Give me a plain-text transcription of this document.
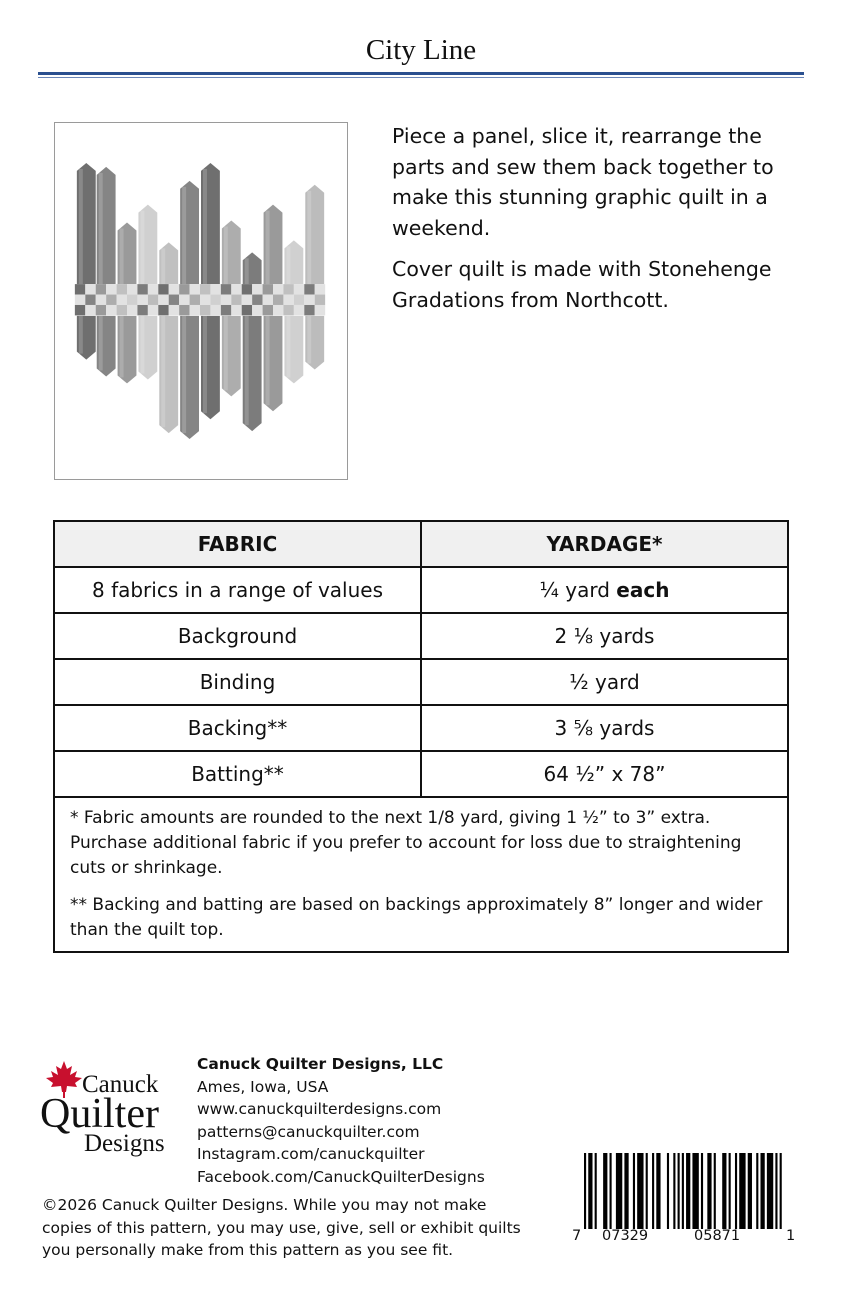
City Line

Piece a panel, slice it, rearrange the parts and sew them back together to make this stunning graphic quilt in a weekend.

Cover quilt is made with Stonehenge Gradations from Northcott.

FABRIC	YARDAGE*
8 fabrics in a range of values	¼ yard each
Background	2 ⅛ yards
Binding	½ yard
Backing**	3 ⅝ yards
Batting**	64 ½” x 78”

* Fabric amounts are rounded to the next 1/8 yard, giving 1 ½” to 3” extra. Purchase additional fabric if you prefer to account for loss due to straightening cuts or shrinkage.

** Backing and batting are based on backings approximately 8” longer and wider than the quilt top.	

Canuck
Quilter
Designs
Canuck Quilter Designs, LLC
Ames, Iowa, USA
www.canuckquilterdesigns.com
patterns@canuckquilter.com
Instagram.com/canuckquilter
Facebook.com/CanuckQuilterDesigns
©2026 Canuck Quilter Designs. While you may not make copies of this pattern, you may use, give, sell or exhibit quilts you personally make from this pattern as you see fit.
7 07329	05871	1
